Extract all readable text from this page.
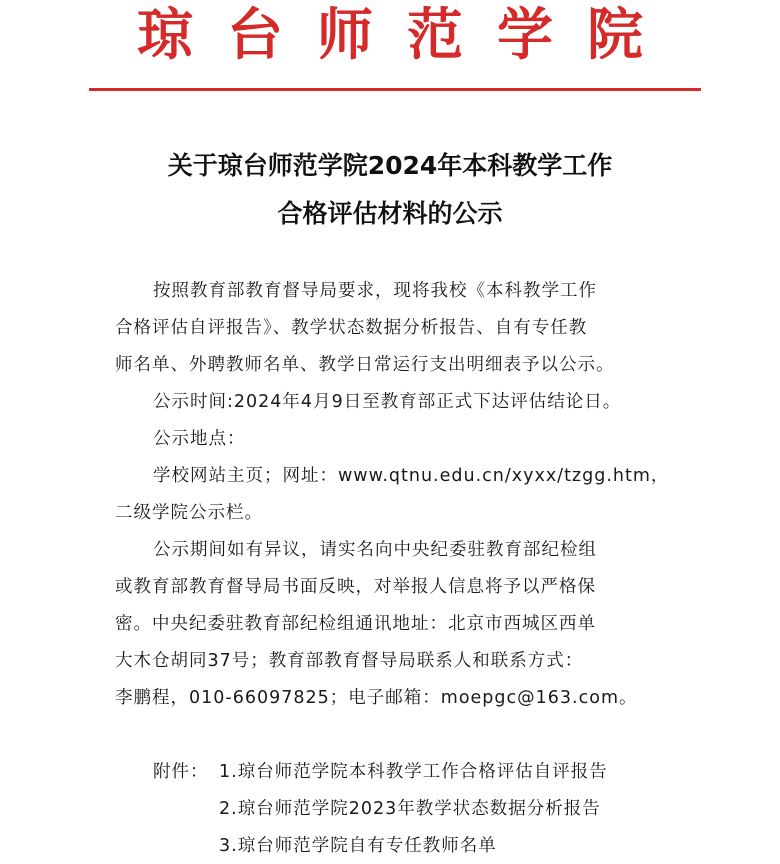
琼台师范学院
关于琼台师范学院2024年本科教学工作
合格评估材料的公示
按照教育部教育督导局要求，现将我校《本科教学工作
合格评估自评报告》、教学状态数据分析报告、自有专任教
师名单、外聘教师名单、教学日常运行支出明细表予以公示。
公示时间:2024年4月9日至教育部正式下达评估结论日。
公示地点：
学校网站主页；网址：www.qtnu.edu.cn/xyxx/tzgg.htm，
二级学院公示栏。
公示期间如有异议，请实名向中央纪委驻教育部纪检组
或教育部教育督导局书面反映，对举报人信息将予以严格保
密。中央纪委驻教育部纪检组通讯地址：北京市西城区西单
大木仓胡同37号；教育部教育督导局联系人和联系方式：
李鹏程，010-66097825；电子邮箱：moepgc@163.com。
附件： 1.琼台师范学院本科教学工作合格评估自评报告
2.琼台师范学院2023年教学状态数据分析报告
3.琼台师范学院自有专任教师名单
